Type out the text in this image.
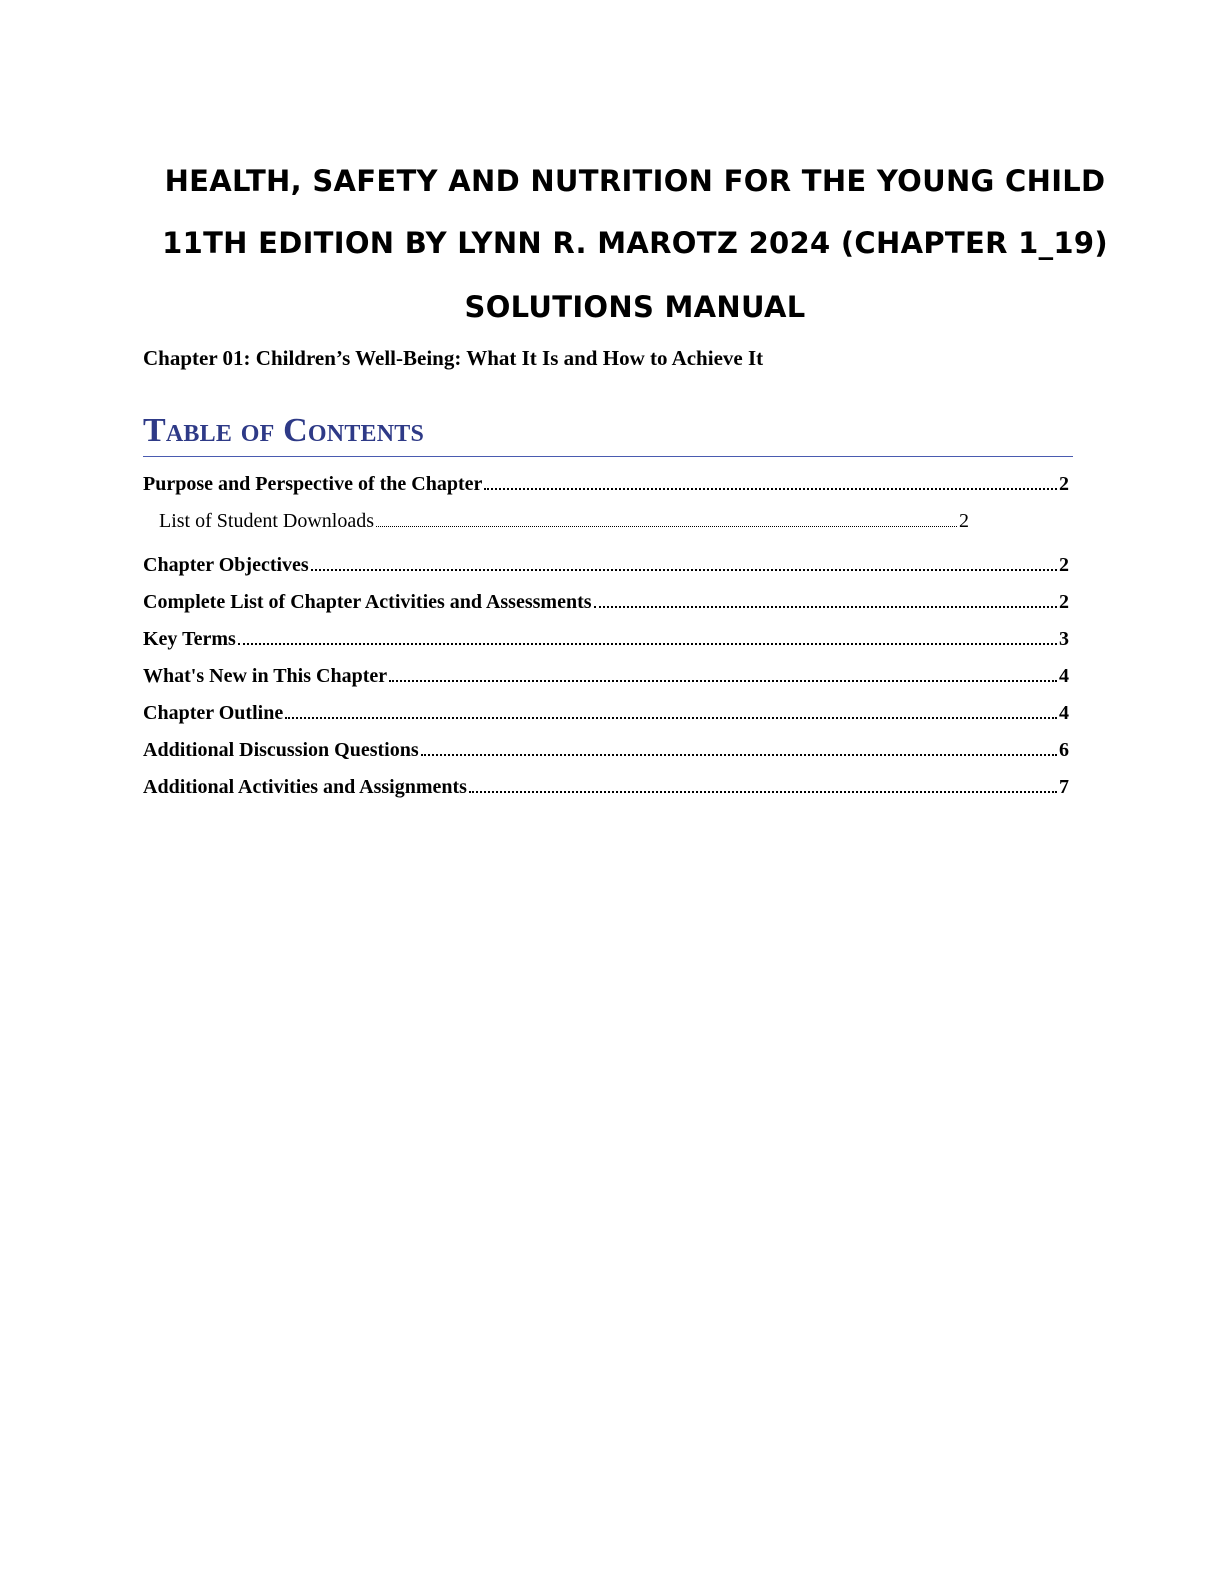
HEALTH, SAFETY AND NUTRITION FOR THE YOUNG CHILD
11TH EDITION BY LYNN R. MAROTZ 2024 (CHAPTER 1_19)
SOLUTIONS MANUAL

Chapter 01: Children’s Well-Being: What It Is and How to Achieve It

Table of Contents
Purpose and Perspective of the Chapter	2
List of Student Downloads	2
Chapter Objectives	2
Complete List of Chapter Activities and Assessments	2
Key Terms	3
What's New in This Chapter	4
Chapter Outline	4
Additional Discussion Questions	6
Additional Activities and Assignments	7
